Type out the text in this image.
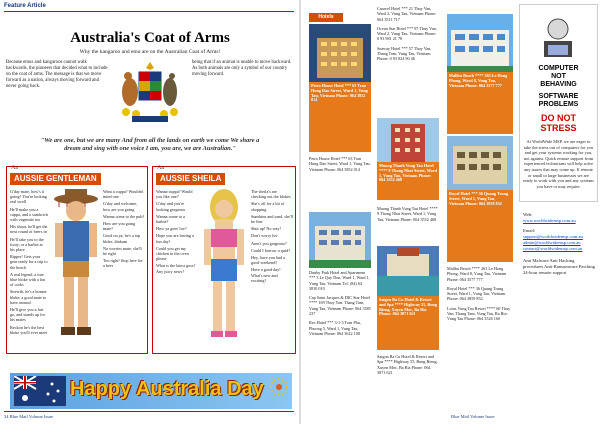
Feature Article
Australia's Coat of Arms
Why the kangaroo and emu are on the Australian Coat of Arms!
Because emus and kangaroos cannot walk backwards, the pioneers that decided what to include on the coat of arms. The message is that we move forward as a nation, always moving forward and never going back.
being that if an animal is unable to move backward. As both animals are only a symbol of our country moving forward.
"We are one, but we are many And from all the lands on earth we come We share a dream and sing with one voice I am, you are, we are Australian."
An
AUSSIE GENTLEMAN

G'day mate, how's it going? You're looking real swell

He'll make you a cuppa, and a sandwich with vegemite too

His shout, he'll get the next round of beers in

He'll take you to the footy, or a barbie at his place

Ripper! Gets your gear ready for a trip to the beach

A real legend, a true blue bloke with a hat of corks

Strewth, he's a bonzer bloke, a good mate to have around

He'll give you a fair go, and stands up for his mates

Reckon he's the best bloke you'll ever meet

Want a cuppa? Wouldn't mind one

G'day and welcome, how are you going

Wanna come to the pub?

How are you going mate?

Good on ya, he's a top bloke, dinkum

No worries mate, she'll be right

Too right! Stop here for a beer

An
AUSSIE SHEILA

Wanna cuppa? Would you like one?

G'day and you're looking gorgeous

Wanna come to a barbie?

How ya goin' luv?

Hope you are having a fun day!

Could you get my chicken in the oven please

What is the latest goss? Any juicy news?

The sheila's are checking out the blokes

She's off for a bit of shopping

Sunshine and sand, she'll be fine

Shut up! No way!

Don't worry luv

Aren't you gorgeous?

Could I borrow a quid?

Hey, have you had a good weekend?

Have a good day! What's new and exciting?

Happy Australia Day
34 Blue Mail Volume Issue
Hotels
Petro House Hotel *** 63 Tran Hung Dao Street, Ward 1, Vung Tau, Vietnam Phone: 064 3852 014

Petro House Hotel *** 63 Tran Hung Dao Street, Ward 1, Vung Tau, Vietnam Phone: 064 3852 014

Dunby Park Hotel and Apartment *** 3 Le Quy Don, Ward 1, Ward 1, Vung Tau, Vietnam Tel: (84) 64 3810 010

Cap Saint Jacques & DIC Star Hotel **** 169 Thuy Van, Thang Tam, Vung Tau, Vietnam Phone: 064 3585 237

Rex Hotel *** 3-1-3 Tran Phu, Phuong 5, Ward 1, Vung Tau, Vietnam Phone: 064 3612 108

Caravel Hotel *** 21 Thuy Van, Ward 2, Vung Tau, Vietnam Phone: 064 3511 717

Ocean Star Hotel *** 97 Thuy Van, Ward 2, Vung Tau, Vietnam Phone: 0 93 981 21 78

Seaway Hotel *** 57 Thuy Van, Thang Tam, Vung Tau, Vietnam Phone: 0 93 824 90 46

Muong Thanh Vung Tau Hotel **** 9 Thong Nhat Street, Ward 1, Vung Tau, Vietnam Phone: 064 3552 468

Muong Thanh Vung Tau Hotel **** 9 Thong Nhat Street, Ward 1, Vung Tau, Vietnam Phone: 064 3552 468

Saigon Ba Cu Hotel & Resort and Spa **** Highway 55, Bung Rieng, Xuyen Moc, Ba Ria Phone: 064 3871 621

Saigon Ba Cu Hotel & Resort and Spa **** Highway 55, Bung Rieng, Xuyen Moc, Ba Ria Phone: 064 3871 621

Malibu Beach **** 263 Le Hong Phong, Ward 8, Vung Tau, Vietnam Phone: 064 3577 777
Royal Hotel *** 36 Quang Trung Street, Ward 1, Vung Tau, Vietnam Phone: 064 3859 852

Malibu Beach **** 263 Le Hong Phong, Ward 8, Vung Tau, Vietnam Phone: 064 3577 777

Royal Hotel *** 36 Quang Trung Street, Ward 1, Vung Tau, Vietnam Phone: 064 3859 852

Lotus Vung Tau Resort **** 60 Thuy Van, Thang Tam, Vung Tau, Ba Ria-Vung Tau Phone: 064 3526 160

COMPUTER
NOT
BEHAVING
SOFTWARE
PROBLEMS
DO NOT
STRESS
At WorldWide MSP, we are eager to take the stress out of computers for you and get your systems working for you, not against. Quick remote support from experienced technicians will help solve any issues that may come up. If remote or small to large businesses we are ready to work with you and any systems you have or may require.
Web:
www.worldwidemsp.com.au
Email:
support@worldwidemsp.com.au
admin@worldwidemsp.com.au
contact@worldwidemsp.com.au
Anti Malware Anti Hacking procedures Anti-Ransomware Patching 24-hour remote support
Blue Mail Volume Issue
